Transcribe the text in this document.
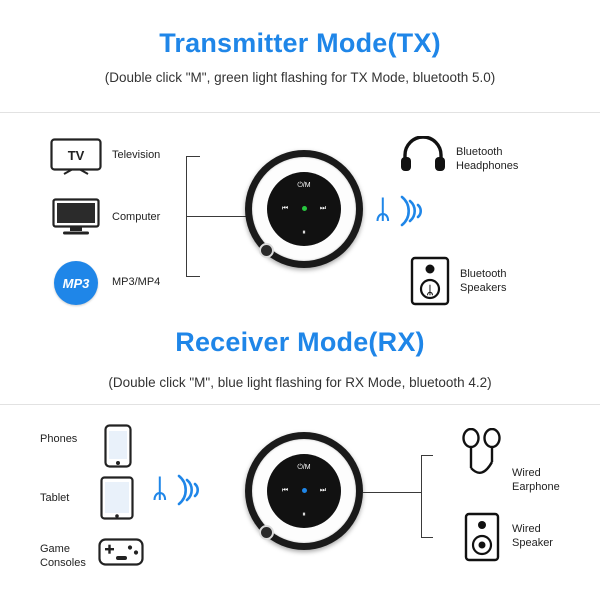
Transmitter Mode(TX)
(Double click "M", green light flashing for TX Mode, bluetooth 5.0)
TV	Television
Computer
MP3 MP3/MP4
⏻/M
⏮	⏭
⏸
ᛦ
Bluetooth
Headphones
ᛦ
Bluetooth
Speakers
Receiver Mode(RX)
(Double click "M", blue light flashing for RX Mode, bluetooth 4.2)
Phones
Tablet
Game
Consoles
ᛦ
⏻/M
⏮	⏭
⏸
Wired
Earphone
Wired
Speaker
